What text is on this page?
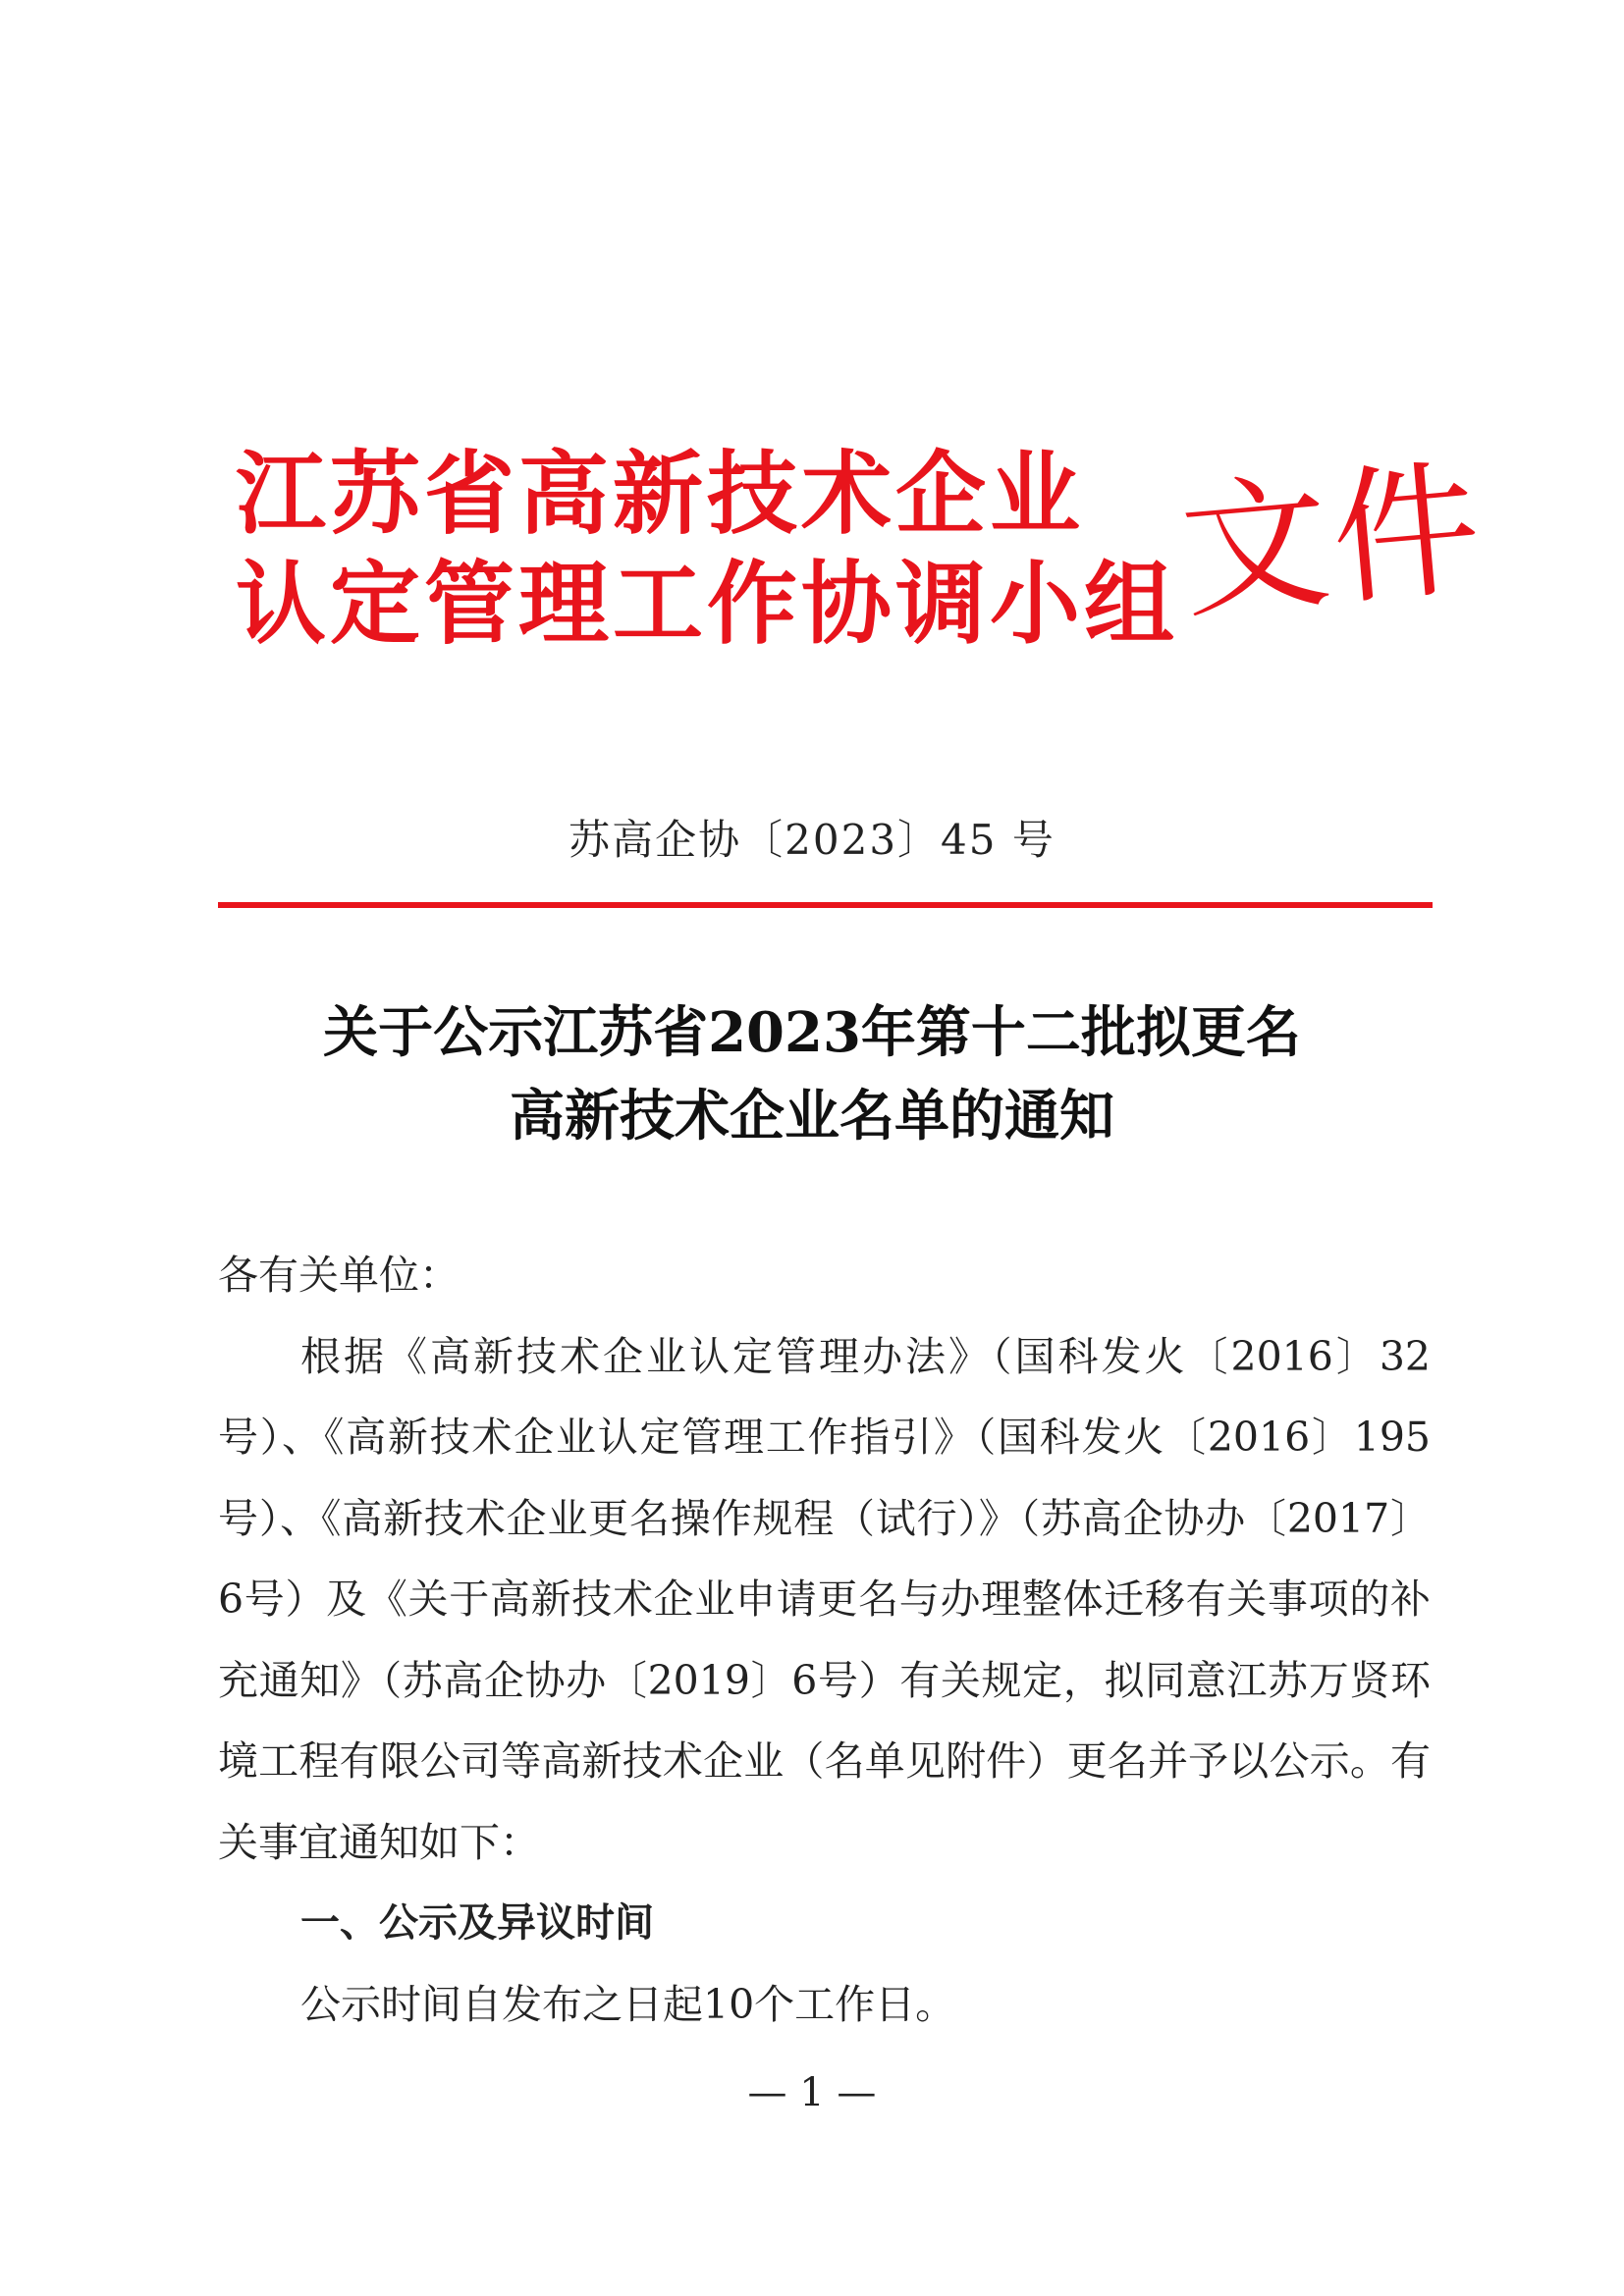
江苏省高新技术企业
认定管理工作协调小组
文件
苏高企协〔2023〕45 号
关于公示江苏省2023年第十二批拟更名
高新技术企业名单的通知
各有关单位：
根据《高新技术企业认定管理办法》（国科发火〔2016〕32号）、《高新技术企业认定管理工作指引》（国科发火〔2016〕195号）、《高新技术企业更名操作规程（试行）》（苏高企协办〔2017〕6号）及《关于高新技术企业申请更名与办理整体迁移有关事项的补充通知》（苏高企协办〔2019〕6号）有关规定，拟同意江苏万贤环境工程有限公司等高新技术企业（名单见附件）更名并予以公示。有关事宜通知如下：
一、公示及异议时间
公示时间自发布之日起10个工作日。
— 1 —
